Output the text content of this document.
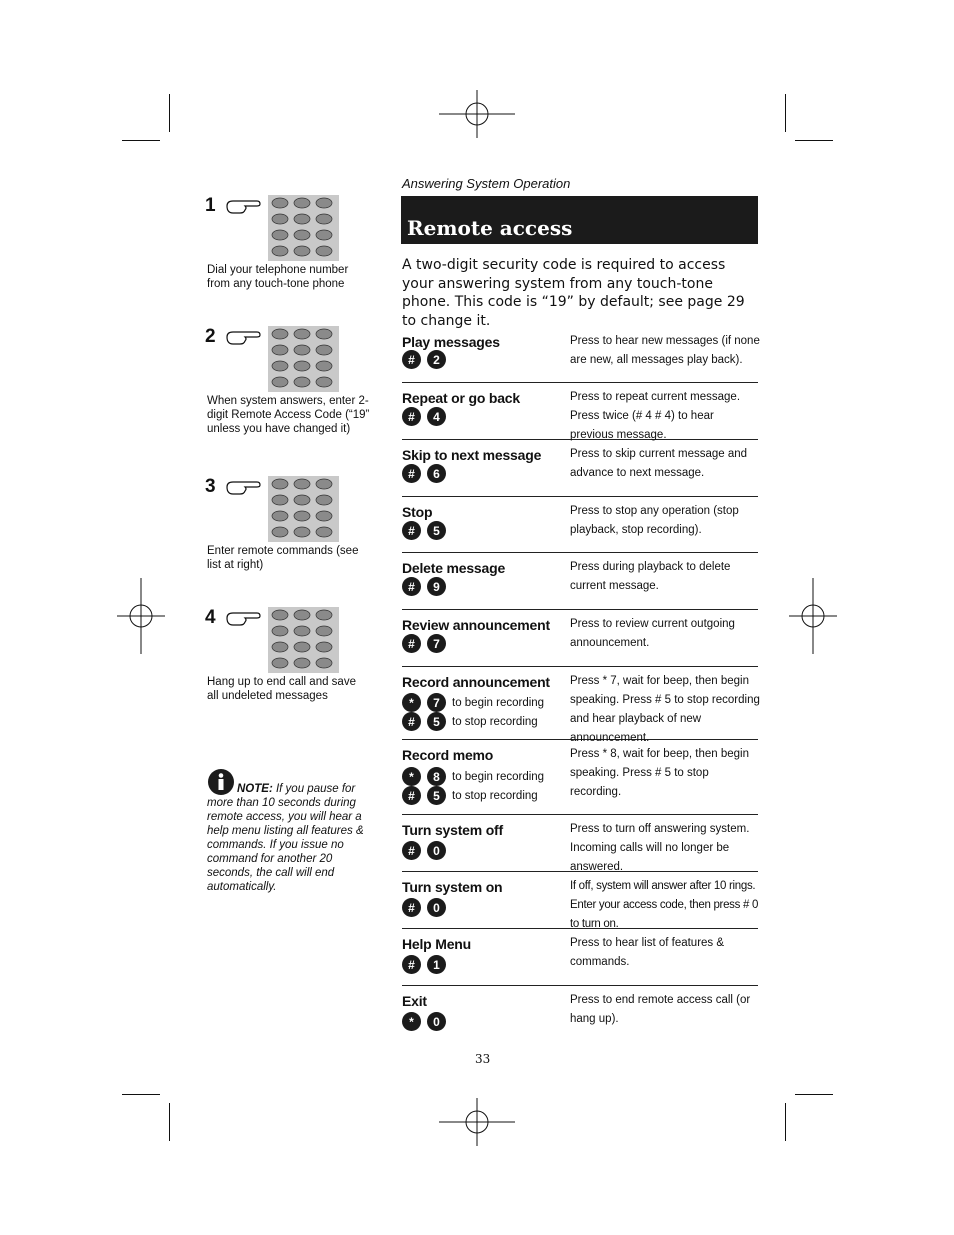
1

Dial your telephone number from any touch-tone phone

2

When system answers, enter 2-digit Remote Access Code (“19” unless you have changed it)

3

Enter remote commands (see list at right)

4

Hang up to end call and save all undeleted messages

NOTE: If you pause for more than 10 seconds during remote access, you will hear a help menu listing all features & commands. If you issue no command for another 20 seconds, the call will end automatically.
Answering System Operation
Remote access

A two-digit security code is required to access your answering system from any touch-tone phone. This code is “19” by default; see page 29 to change it.

Play messages
#	2

Press to hear new messages (if none are new, all messages play back).

Repeat or go back
#	4

Press to repeat current message. Press twice (# 4 # 4) to hear previous message.

Skip to next message
#	6

Press to skip current message and advance to next message.

Stop
#	5

Press to stop any operation (stop playback, stop recording).

Delete message
#	9

Press during playback to delete current message.

Review announcement
#	7

Press to review current outgoing announcement.

Record announcement
*	7	to begin recording
#	5	to stop recording

Press * 7, wait for beep, then begin speaking. Press # 5 to stop recording and hear playback of new announcement.

Record memo
*	8	to begin recording
#	5	to stop recording

Press * 8, wait for beep, then begin speaking. Press # 5 to stop recording.

Turn system off
#	0

Press to turn off answering system. Incoming calls will no longer be answered.

Turn system on
#	0

If off, system will answer after 10 rings. Enter your access code, then press # 0 to turn on.

Help Menu
#	1

Press to hear list of features & commands.

Exit
*	0

Press to end remote access call (or hang up).

33
